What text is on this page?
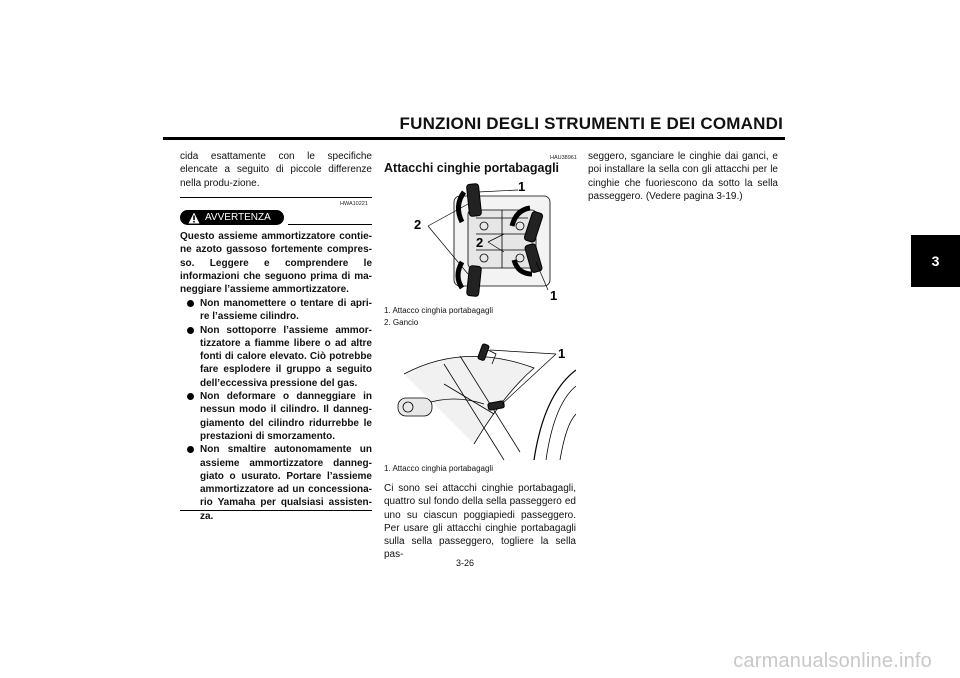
FUNZIONI DEGLI STRUMENTI E DEI COMANDI
3
cida esattamente con le specifiche elencate a seguito di piccole differenze nella produ-zione.
HWA10221
AVVERTENZA
Questo assieme ammortizzatore contie-ne azoto gassoso fortemente compres-so. Leggere e comprendere le informazioni che seguono prima di ma-neggiare l’assieme ammortizzatore.
Non manomettere o tentare di apri-re l’assieme cilindro.
Non sottoporre l’assieme ammor-tizzatore a fiamme libere o ad altre fonti di calore elevato. Ciò potrebbe fare esplodere il gruppo a seguito dell’eccessiva pressione del gas.
Non deformare o danneggiare in nessun modo il cilindro. Il danneg-giamento del cilindro ridurrebbe le prestazioni di smorzamento.
Non smaltire autonomamente un assieme ammortizzatore danneg-giato o usurato. Portare l’assieme ammortizzatore ad un concessiona-rio Yamaha per qualsiasi assisten-za.
HAU38961
Attacchi cinghie portabagagli
1
2
2
1
1. Attacco cinghia portabagagli
2. Gancio
1
1. Attacco cinghia portabagagli
Ci sono sei attacchi cinghie portabagagli, quattro sul fondo della sella passeggero ed uno su ciascun poggiapiedi passeggero. Per usare gli attacchi cinghie portabagagli sulla sella passeggero, togliere la sella pas-
seggero, sganciare le cinghie dai ganci, e poi installare la sella con gli attacchi per le cinghie che fuoriescono da sotto la sella passeggero. (Vedere pagina 3-19.)
3-26
carmanualsonline.info
